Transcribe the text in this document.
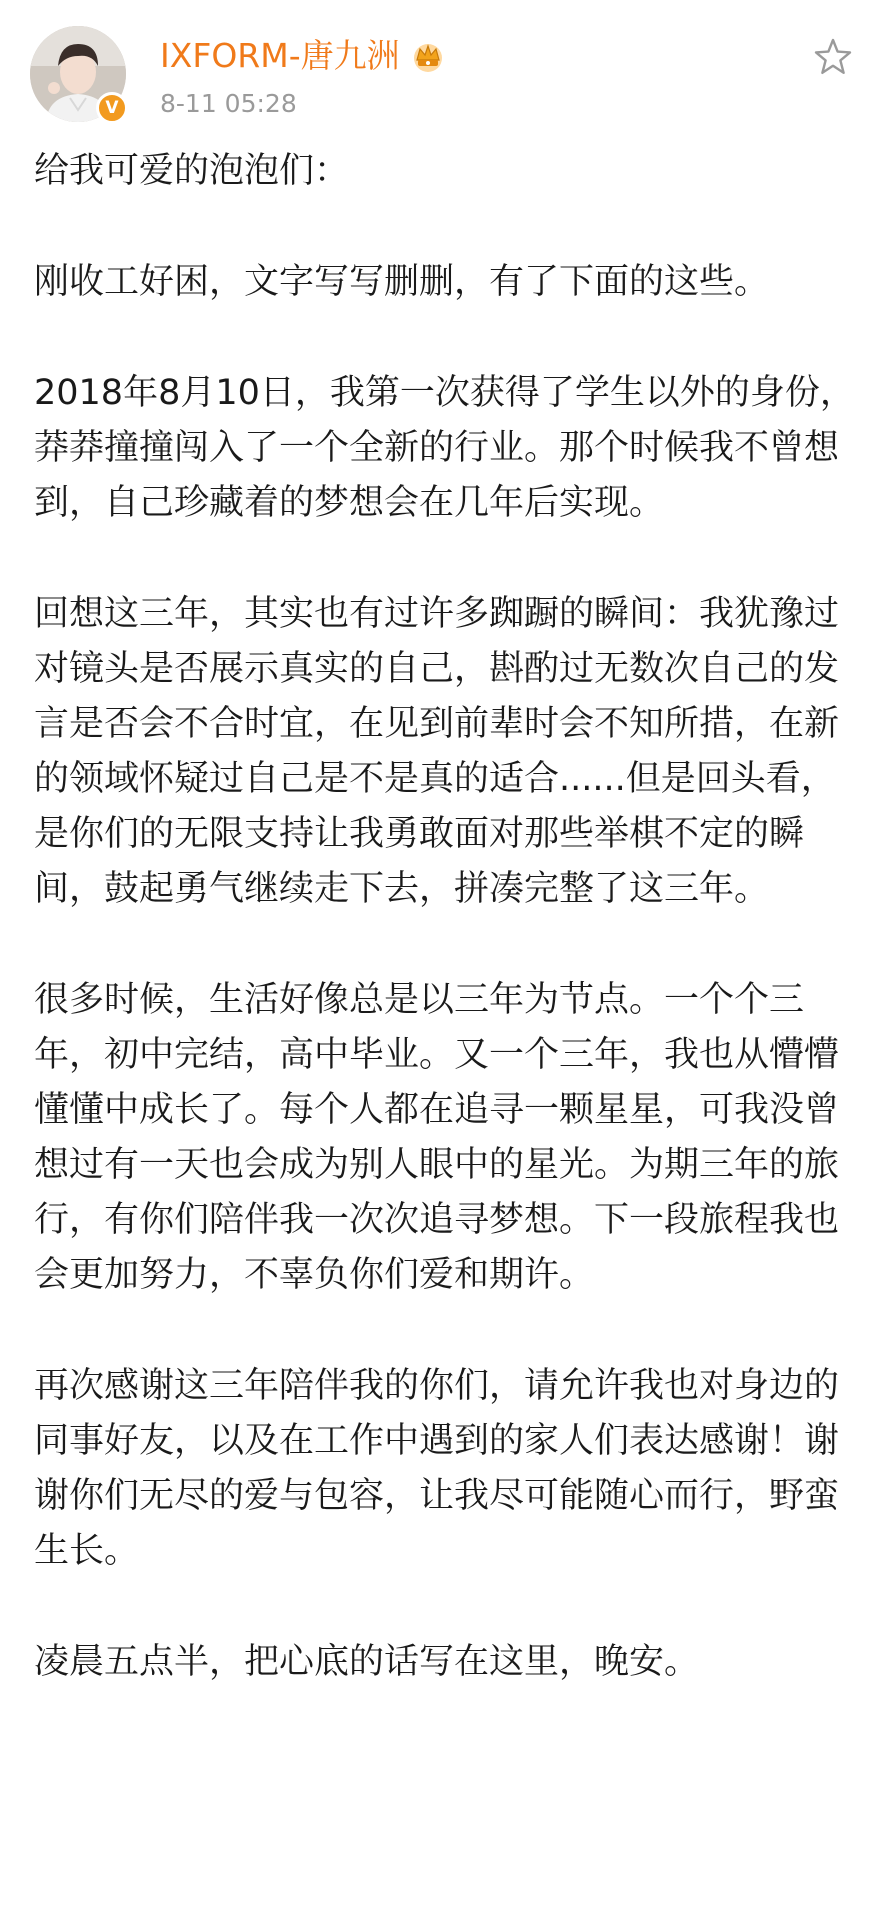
V
IXFORM-唐九洲
8-11 05:28

给我可爱的泡泡们：

刚收工好困，文字写写删删，有了下面的这些。

2018年8月10日，我第一次获得了学生以外的身份，莽莽撞撞闯入了一个全新的行业。那个时候我不曾想到，自己珍藏着的梦想会在几年后实现。

回想这三年，其实也有过许多踟蹰的瞬间：我犹豫过对镜头是否展示真实的自己，斟酌过无数次自己的发言是否会不合时宜，在见到前辈时会不知所措，在新的领域怀疑过自己是不是真的适合......但是回头看，是你们的无限支持让我勇敢面对那些举棋不定的瞬间，鼓起勇气继续走下去，拼凑完整了这三年。

很多时候，生活好像总是以三年为节点。一个个三年，初中完结，高中毕业。又一个三年，我也从懵懵懂懂中成长了。每个人都在追寻一颗星星，可我没曾想过有一天也会成为别人眼中的星光。为期三年的旅行，有你们陪伴我一次次追寻梦想。下一段旅程我也会更加努力，不辜负你们爱和期许。

再次感谢这三年陪伴我的你们，请允许我也对身边的同事好友，以及在工作中遇到的家人们表达感谢！谢谢你们无尽的爱与包容，让我尽可能随心而行，野蛮生长。

凌晨五点半，把心底的话写在这里，晚安。
